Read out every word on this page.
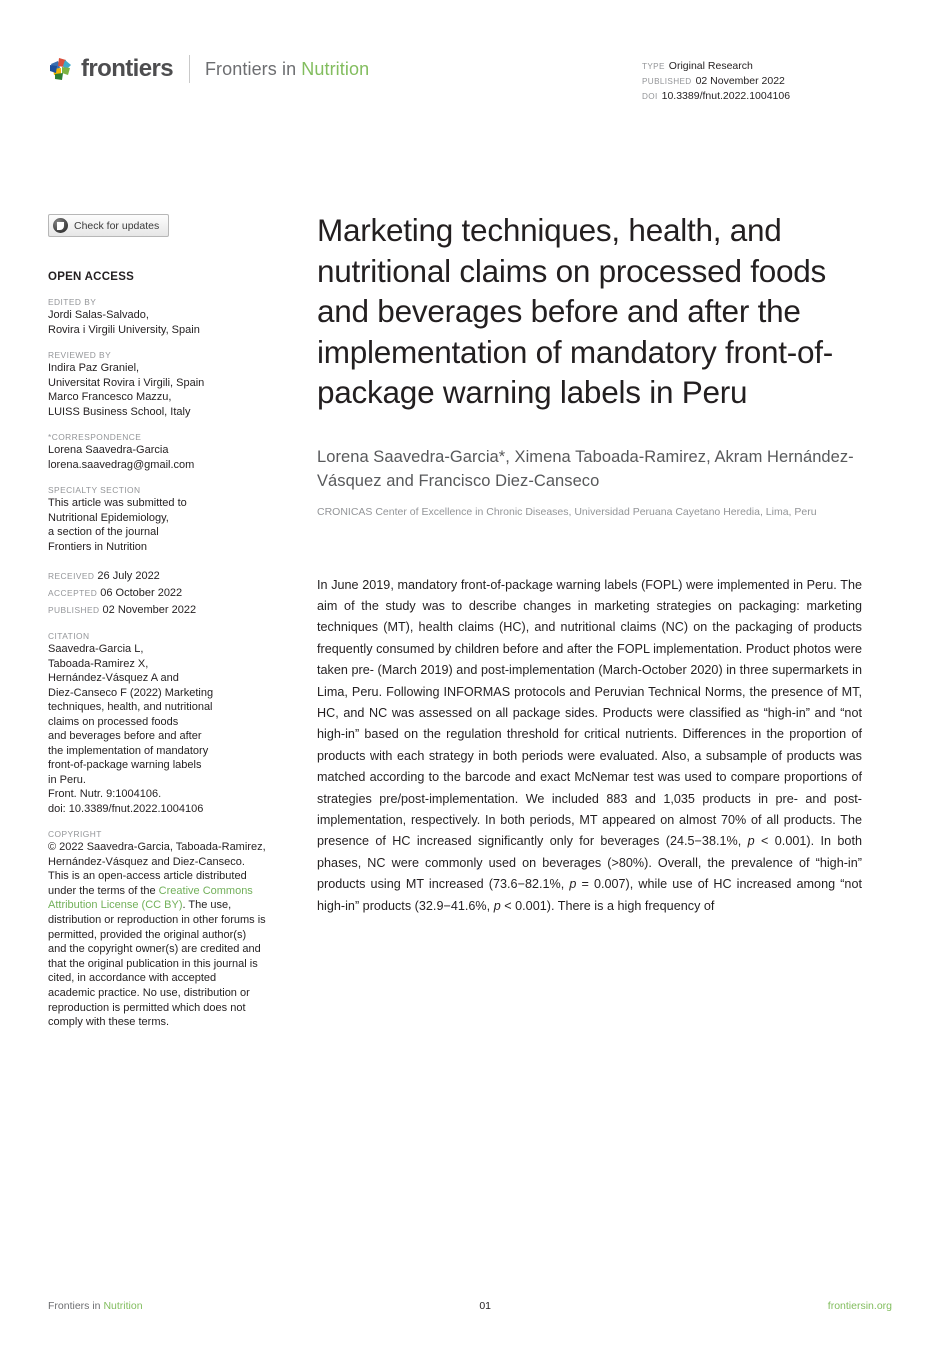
frontiers Frontiers in Nutrition	TYPE Original Research
PUBLISHED 02 November 2022
DOI 10.3389/fnut.2022.1004106
Check for updates
OPEN ACCESS
EDITED BY
Jordi Salas-Salvado,
Rovira i Virgili University, Spain
REVIEWED BY
Indira Paz Graniel,
Universitat Rovira i Virgili, Spain
Marco Francesco Mazzu,
LUISS Business School, Italy
*CORRESPONDENCE
Lorena Saavedra-Garcia
lorena.saavedrag@gmail.com
SPECIALTY SECTION
This article was submitted to
Nutritional Epidemiology,
a section of the journal
Frontiers in Nutrition
RECEIVED 26 July 2022
ACCEPTED 06 October 2022
PUBLISHED 02 November 2022
CITATION
Saavedra-Garcia L,
Taboada-Ramirez X,
Hernández-Vásquez A and
Diez-Canseco F (2022) Marketing
techniques, health, and nutritional
claims on processed foods
and beverages before and after
the implementation of mandatory
front-of-package warning labels
in Peru.
Front. Nutr. 9:1004106.
doi: 10.3389/fnut.2022.1004106
COPYRIGHT
© 2022 Saavedra-Garcia, Taboada-Ramirez, Hernández-Vásquez and Diez-Canseco. This is an open-access article distributed under the terms of the Creative Commons Attribution License (CC BY). The use, distribution or reproduction in other forums is permitted, provided the original author(s) and the copyright owner(s) are credited and that the original publication in this journal is cited, in accordance with accepted academic practice. No use, distribution or reproduction is permitted which does not comply with these terms.
Marketing techniques, health, and nutritional claims on processed foods and beverages before and after the implementation of mandatory front-of-package warning labels in Peru
Lorena Saavedra-Garcia*, Ximena Taboada-Ramirez, Akram Hernández-Vásquez and Francisco Diez-Canseco
CRONICAS Center of Excellence in Chronic Diseases, Universidad Peruana Cayetano Heredia, Lima, Peru
In June 2019, mandatory front-of-package warning labels (FOPL) were implemented in Peru. The aim of the study was to describe changes in marketing strategies on packaging: marketing techniques (MT), health claims (HC), and nutritional claims (NC) on the packaging of products frequently consumed by children before and after the FOPL implementation. Product photos were taken pre- (March 2019) and post-implementation (March-October 2020) in three supermarkets in Lima, Peru. Following INFORMAS protocols and Peruvian Technical Norms, the presence of MT, HC, and NC was assessed on all package sides. Products were classified as “high-in” and “not high-in” based on the regulation threshold for critical nutrients. Differences in the proportion of products with each strategy in both periods were evaluated. Also, a subsample of products was matched according to the barcode and exact McNemar test was used to compare proportions of strategies pre/post-implementation. We included 883 and 1,035 products in pre- and post-implementation, respectively. In both periods, MT appeared on almost 70% of all products. The presence of HC increased significantly only for beverages (24.5−38.1%, p < 0.001). In both phases, NC were commonly used on beverages (>80%). Overall, the prevalence of “high-in” products using MT increased (73.6−82.1%, p = 0.007), while use of HC increased among “not high-in” products (32.9−41.6%, p < 0.001). There is a high frequency of
Frontiers in Nutrition	01	frontiersin.org
